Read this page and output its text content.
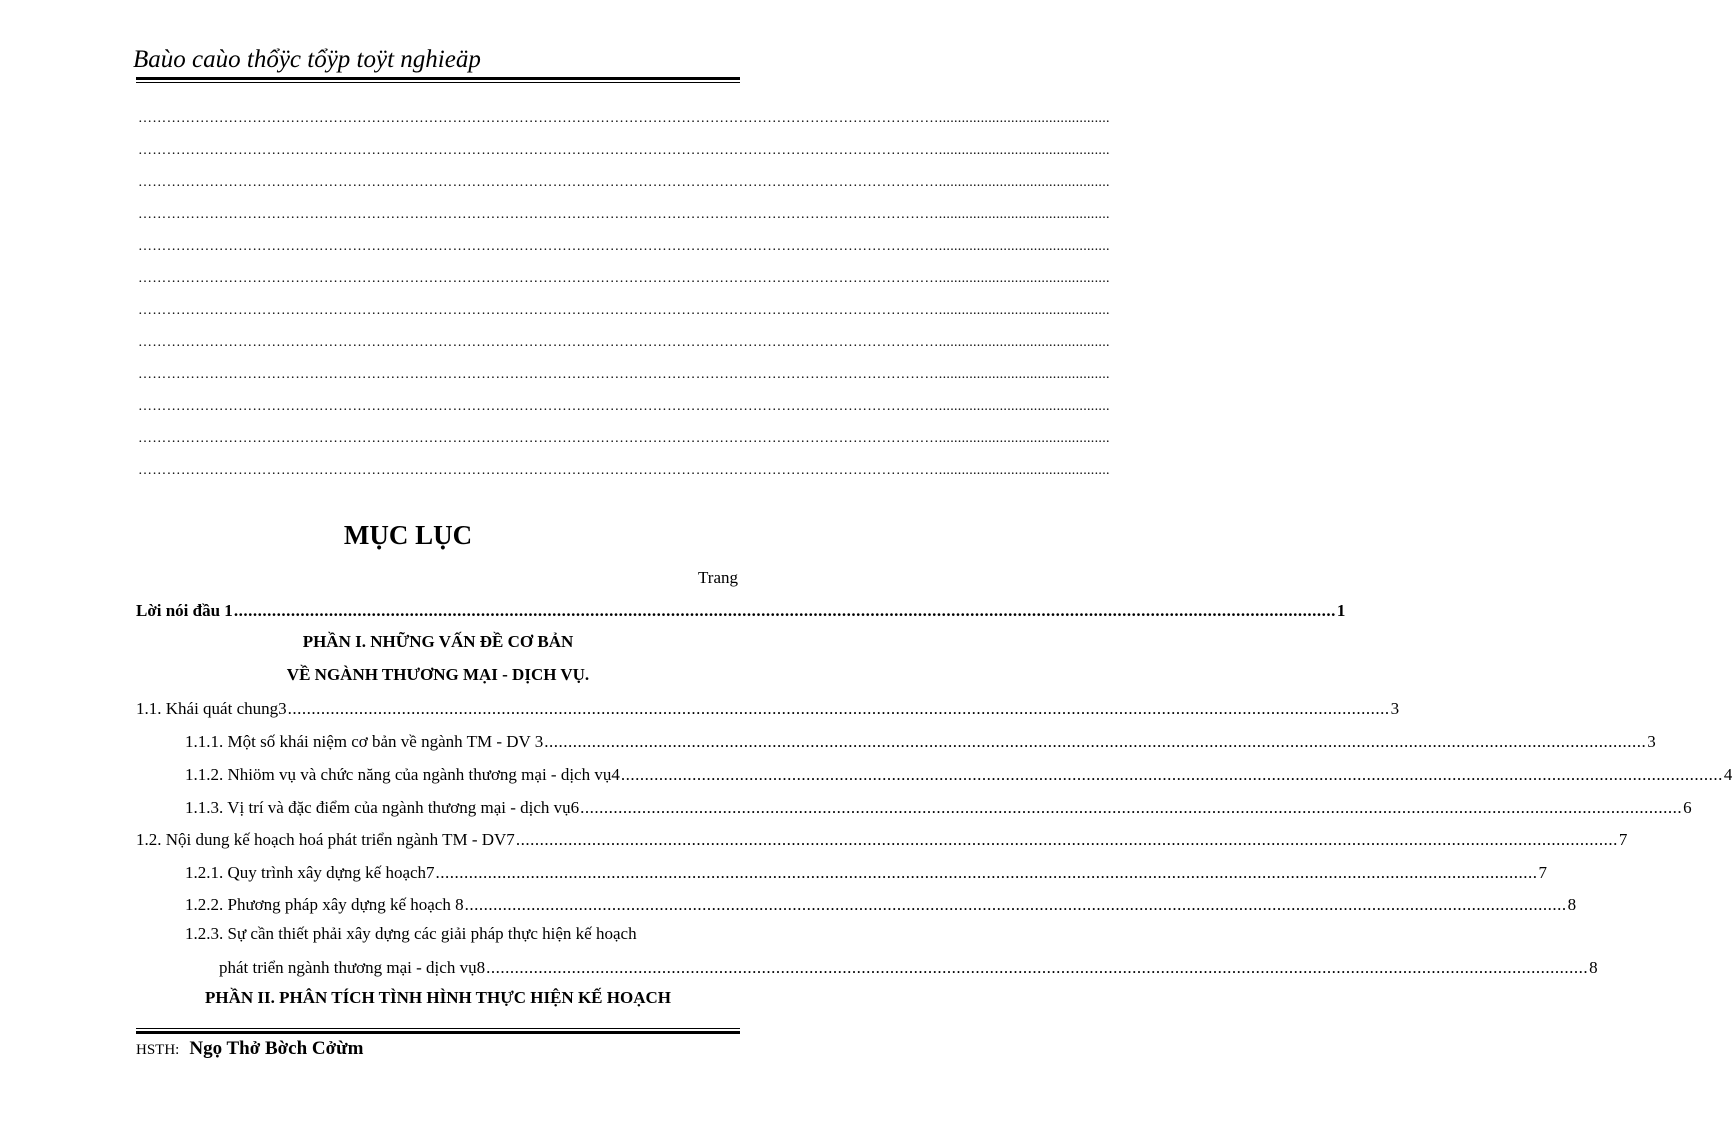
Baùo caùo thổÿc tổÿp toÿt nghieäp
…………………………………………………………………………………………………………………………………………………….............................................
…………………………………………………………………………………………………………………………………………………….............................................
…………………………………………………………………………………………………………………………………………………….............................................
…………………………………………………………………………………………………………………………………………………….............................................
…………………………………………………………………………………………………………………………………………………….............................................
…………………………………………………………………………………………………………………………………………………….............................................
…………………………………………………………………………………………………………………………………………………….............................................
…………………………………………………………………………………………………………………………………………………….............................................
…………………………………………………………………………………………………………………………………………………….............................................
…………………………………………………………………………………………………………………………………………………….............................................
…………………………………………………………………………………………………………………………………………………….............................................
…………………………………………………………………………………………………………………………………………………….............................................
MỤC LỤC
Trang
Lời nói đầu 1 .....	1
PHẦN I. NHỮNG VẤN ĐỀ CƠ BẢN
VỀ NGÀNH THƯƠNG MẠI - DỊCH VỤ.
1.1. Khái quát chung3 .....	3
1.1.1. Một số khái niệm cơ bản về ngành TM - DV 3 .....	3
1.1.2. Nhiöm vụ và chức năng của ngành thương mại - dịch vụ4 .....	4
1.1.3. Vị trí và đặc điểm của ngành thương mại - dịch vụ6 .....	6
1.2. Nội dung kế hoạch hoá phát triển ngành TM - DV7 .....	7
1.2.1. Quy trình xây dựng kế hoạch7 .....	7
1.2.2. Phương pháp xây dựng kế hoạch 8 .....	8
1.2.3. Sự cần thiết phải xây dựng các giải pháp thực hiện kế hoạch
phát triển ngành thương mại - dịch vụ8 .....	8
PHẦN II. PHÂN TÍCH TÌNH HÌNH THỰC HIỆN KẾ HOẠCH
HSTH: Ngọ Thở Bờch Cởừm
